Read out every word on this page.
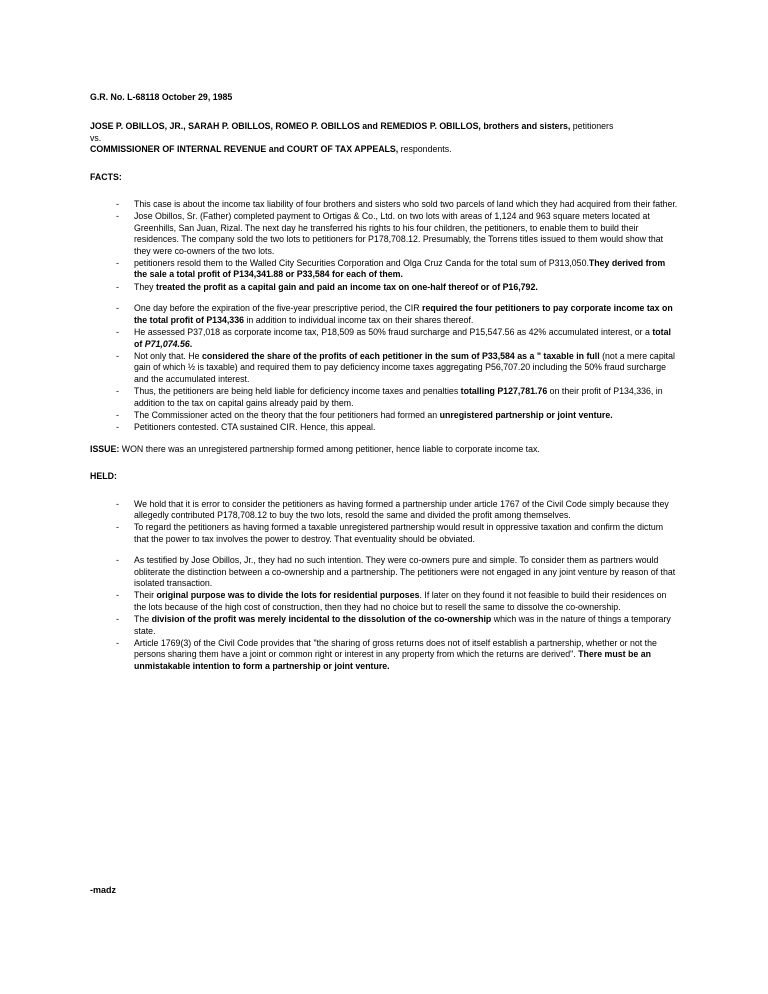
G.R. No. L-68118 October 29, 1985

JOSE P. OBILLOS, JR., SARAH P. OBILLOS, ROMEO P. OBILLOS and REMEDIOS P. OBILLOS, brothers and sisters, petitioners

vs.

COMMISSIONER OF INTERNAL REVENUE and COURT OF TAX APPEALS, respondents.

FACTS:

- This case is about the income tax liability of four brothers and sisters who sold two parcels of land which they had acquired from their father.
- Jose Obillos, Sr. (Father) completed payment to Ortigas & Co., Ltd. on two lots with areas of 1,124 and 963 square meters located at Greenhills, San Juan, Rizal. The next day he transferred his rights to his four children, the petitioners, to enable them to build their residences. The company sold the two lots to petitioners for P178,708.12. Presumably, the Torrens titles issued to them would show that they were co-owners of the two lots.
- petitioners resold them to the Walled City Securities Corporation and Olga Cruz Canda for the total sum of P313,050.They derived from the sale a total profit of P134,341.88 or P33,584 for each of them.
- They treated the profit as a capital gain and paid an income tax on one-half thereof or of P16,792.
- One day before the expiration of the five-year prescriptive period, the CIR required the four petitioners to pay corporate income tax on the total profit of P134,336 in addition to individual income tax on their shares thereof.
- He assessed P37,018 as corporate income tax, P18,509 as 50% fraud surcharge and P15,547.56 as 42% accumulated interest, or a total of P71,074.56.
- Not only that. He considered the share of the profits of each petitioner in the sum of P33,584 as a " taxable in full (not a mere capital gain of which ½ is taxable) and required them to pay deficiency income taxes aggregating P56,707.20 including the 50% fraud surcharge and the accumulated interest.
- Thus, the petitioners are being held liable for deficiency income taxes and penalties totalling P127,781.76 on their profit of P134,336, in addition to the tax on capital gains already paid by them.
- The Commissioner acted on the theory that the four petitioners had formed an unregistered partnership or joint venture.
- Petitioners contested. CTA sustained CIR. Hence, this appeal.

ISSUE: WON there was an unregistered partnership formed among petitioner, hence liable to corporate income tax.

HELD:

- We hold that it is error to consider the petitioners as having formed a partnership under article 1767 of the Civil Code simply because they allegedly contributed P178,708.12 to buy the two lots, resold the same and divided the profit among themselves.
- To regard the petitioners as having formed a taxable unregistered partnership would result in oppressive taxation and confirm the dictum that the power to tax involves the power to destroy. That eventuality should be obviated.
- As testified by Jose Obillos, Jr., they had no such intention. They were co-owners pure and simple. To consider them as partners would obliterate the distinction between a co-ownership and a partnership. The petitioners were not engaged in any joint venture by reason of that isolated transaction.
- Their original purpose was to divide the lots for residential purposes. If later on they found it not feasible to build their residences on the lots because of the high cost of construction, then they had no choice but to resell the same to dissolve the co-ownership.
- The division of the profit was merely incidental to the dissolution of the co-ownership which was in the nature of things a temporary state.
- Article 1769(3) of the Civil Code provides that "the sharing of gross returns does not of itself establish a partnership, whether or not the persons sharing them have a joint or common right or interest in any property from which the returns are derived". There must be an unmistakable intention to form a partnership or joint venture.

-madz
